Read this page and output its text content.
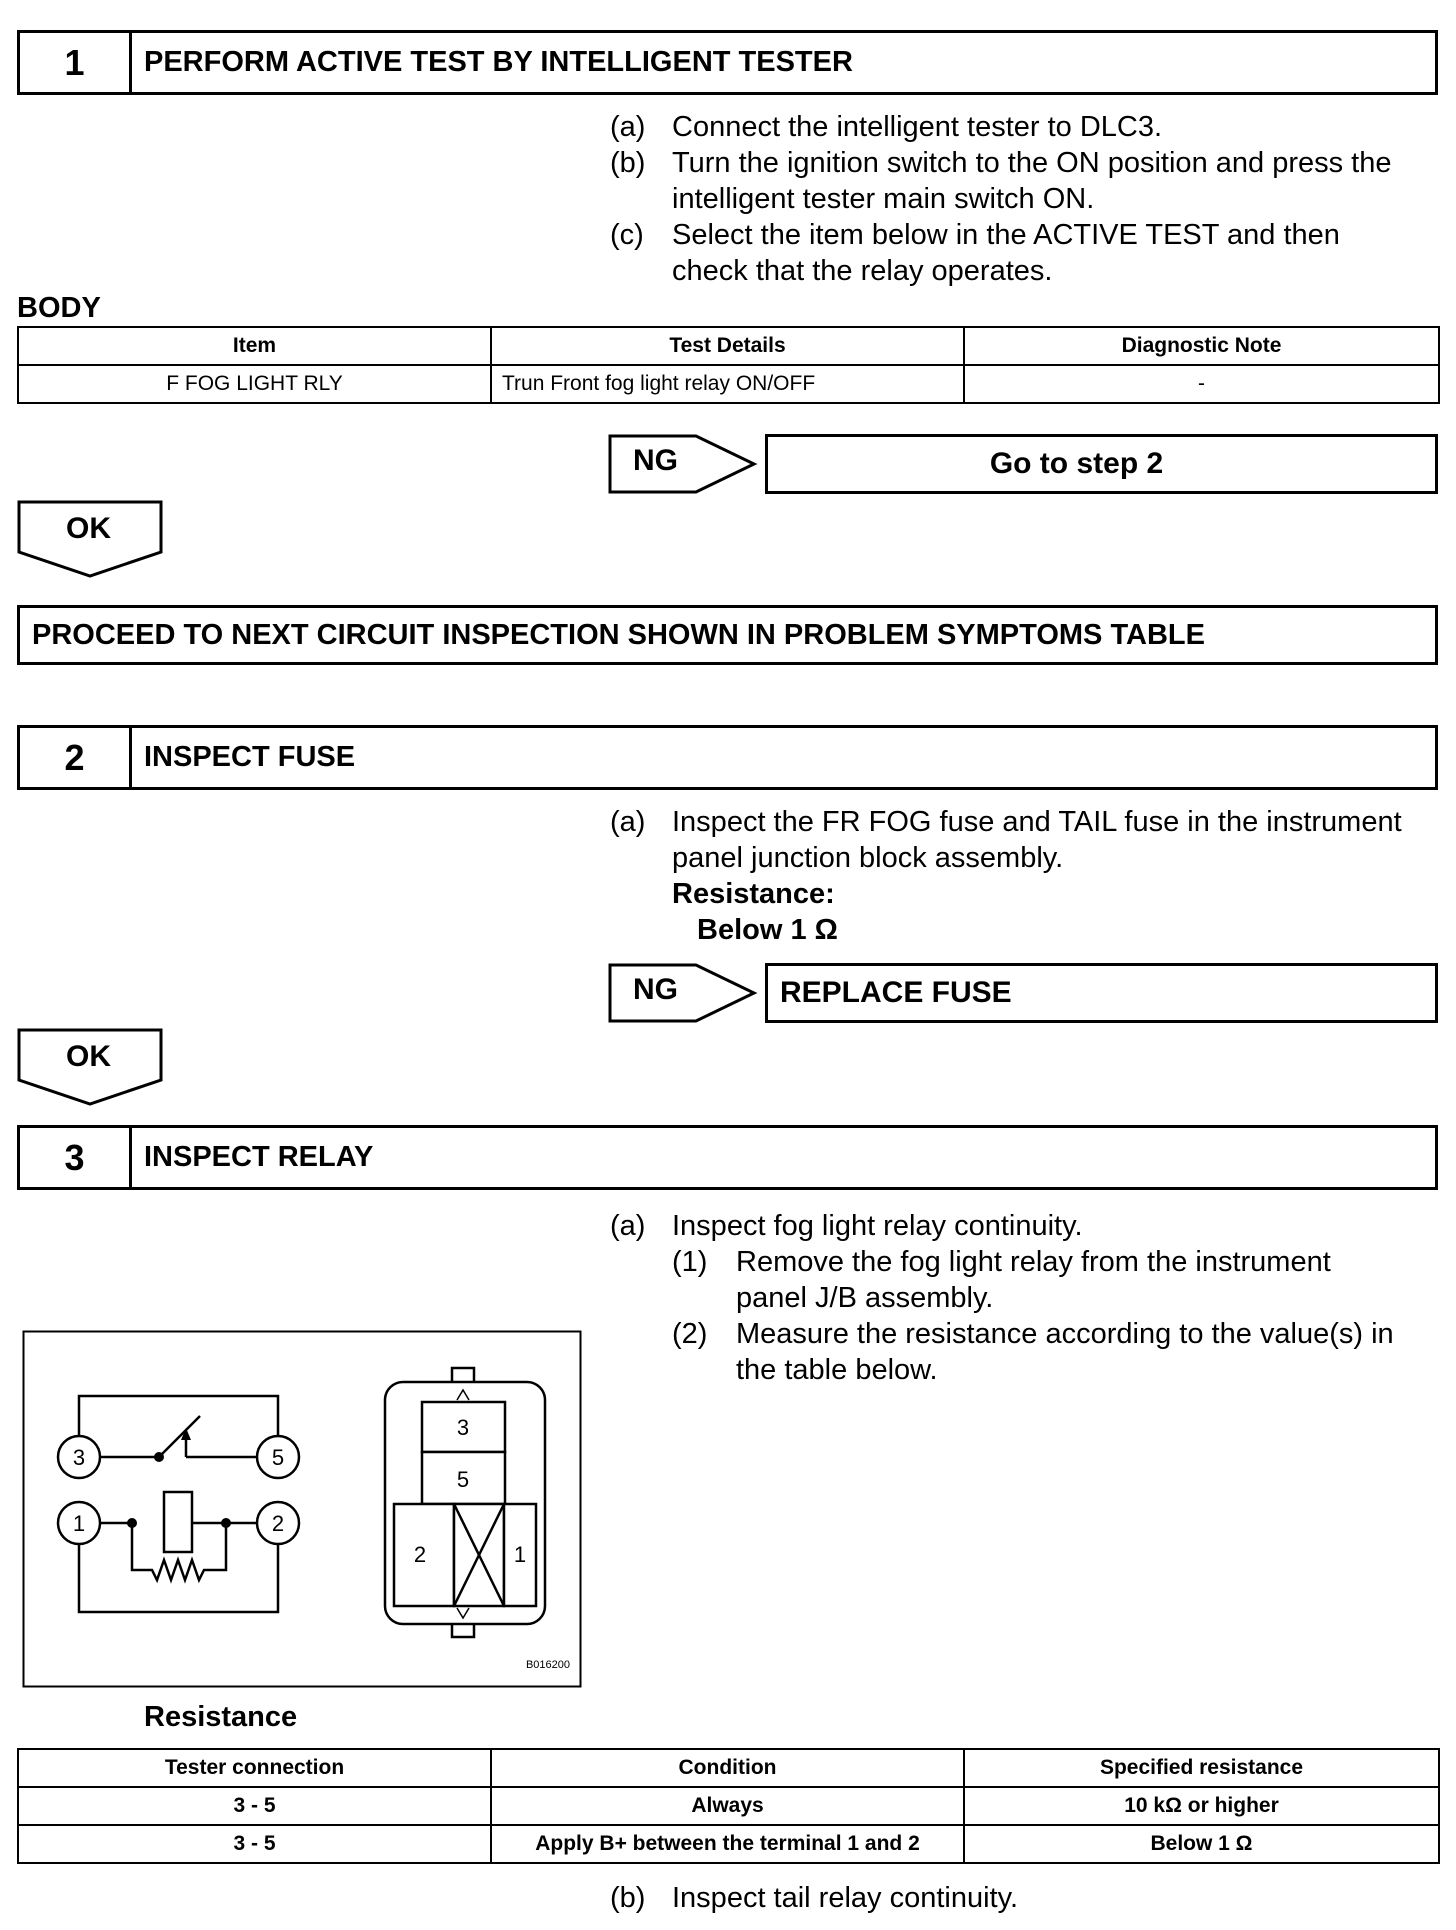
1	PERFORM ACTIVE TEST BY INTELLIGENT TESTER
(a) Connect the intelligent tester to DLC3.
(b) Turn the ignition switch to the ON position and press the
intelligent tester main switch ON.
(c) Select the item below in the ACTIVE TEST and then
check that the relay operates.
BODY
Item	Test Details	Diagnostic Note
F FOG LIGHT RLY	Trun Front fog light relay ON/OFF	-
NG	Go to step 2
OK
PROCEED TO NEXT CIRCUIT INSPECTION SHOWN IN PROBLEM SYMPTOMS TABLE
2	INSPECT FUSE
(a) Inspect the FR FOG fuse and TAIL fuse in the instrument
panel junction block assembly.
Resistance:
Below 1 Ω
NG	REPLACE FUSE
OK
3	INSPECT RELAY
(a) Inspect fog light relay continuity.
(1) Remove the fog light relay from the instrument
panel J/B assembly.
(2) Measure the resistance according to the value(s) in
the table below.
3	5
1	2
3
5
2	1
B016200
Resistance
Tester connection	Condition	Specified resistance
3 - 5	Always	10 kΩ or higher
3 - 5	Apply B+ between the terminal 1 and 2	Below 1 Ω
(b) Inspect tail relay continuity.
